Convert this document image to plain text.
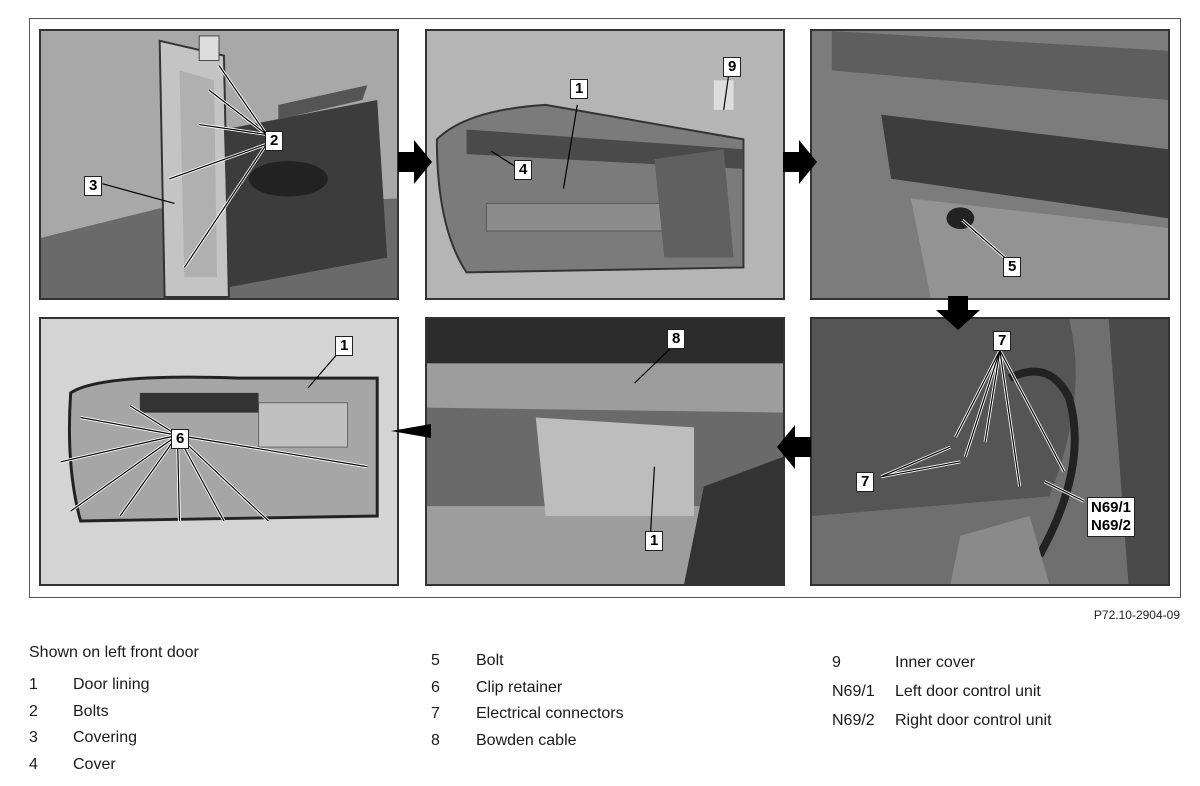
2
3
1
4
9
5
1
6
8
1
7
7
N69/1
N69/2
P72.10-2904-09
Shown on left front door
1	Door lining
2	Bolts
3	Covering
4	Cover
5	Bolt
6	Clip retainer
7	Electrical connectors
8	Bowden cable
9	Inner cover
N69/1	Left door control unit
N69/2	Right door control unit
